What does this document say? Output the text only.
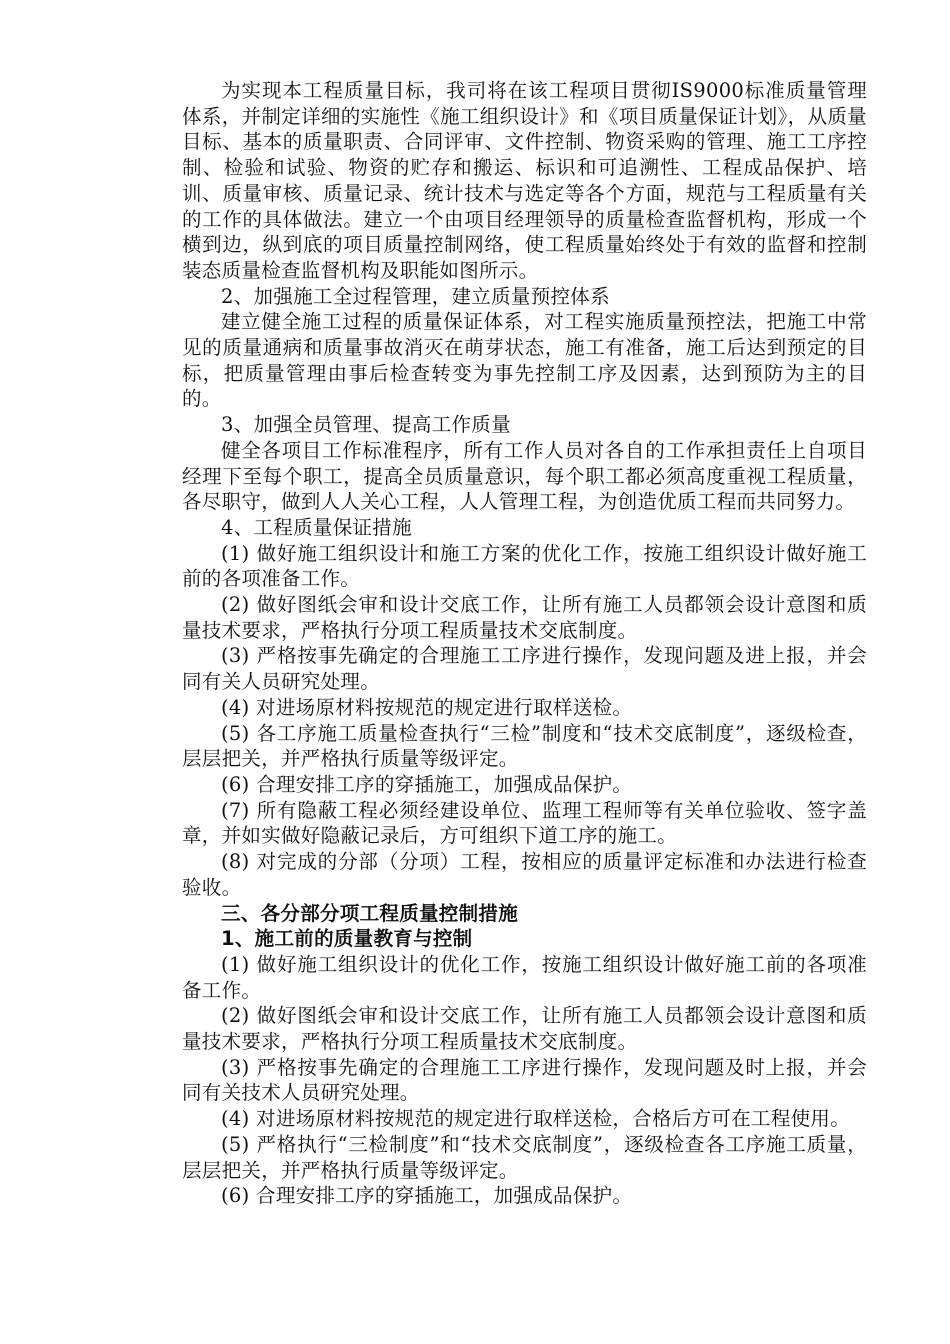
为实现本工程质量目标，我司将在该工程项目贯彻IS9000标准质量管理体系，并制定详细的实施性《施工组织设计》和《项目质量保证计划》，从质量目标、基本的质量职责、合同评审、文件控制、物资采购的管理、施工工序控制、检验和试验、物资的贮存和搬运、标识和可追溯性、工程成品保护、培训、质量审核、质量记录、统计技术与选定等各个方面，规范与工程质量有关的工作的具体做法。建立一个由项目经理领导的质量检查监督机构，形成一个横到边，纵到底的项目质量控制网络，使工程质量始终处于有效的监督和控制装态质量检查监督机构及职能如图所示。

2、加强施工全过程管理，建立质量预控体系

建立健全施工过程的质量保证体系，对工程实施质量预控法，把施工中常见的质量通病和质量事故消灭在萌芽状态，施工有准备，施工后达到预定的目标，把质量管理由事后检查转变为事先控制工序及因素，达到预防为主的目的。

3、加强全员管理、提高工作质量

健全各项目工作标准程序，所有工作人员对各自的工作承担责任上自项目经理下至每个职工，提高全员质量意识，每个职工都必须高度重视工程质量，各尽职守，做到人人关心工程，人人管理工程，为创造优质工程而共同努力。

4、工程质量保证措施

(1) 做好施工组织设计和施工方案的优化工作，按施工组织设计做好施工前的各项准备工作。

(2) 做好图纸会审和设计交底工作，让所有施工人员都领会设计意图和质量技术要求，严格执行分项工程质量技术交底制度。

(3) 严格按事先确定的合理施工工序进行操作，发现问题及进上报，并会同有关人员研究处理。

(4) 对进场原材料按规范的规定进行取样送检。

(5) 各工序施工质量检查执行“三检”制度和“技术交底制度”，逐级检查，层层把关，并严格执行质量等级评定。

(6) 合理安排工序的穿插施工，加强成品保护。

(7) 所有隐蔽工程必须经建设单位、监理工程师等有关单位验收、签字盖章，并如实做好隐蔽记录后，方可组织下道工序的施工。

(8) 对完成的分部（分项）工程，按相应的质量评定标准和办法进行检查验收。

三、各分部分项工程质量控制措施

1、施工前的质量教育与控制

(1) 做好施工组织设计的优化工作，按施工组织设计做好施工前的各项准备工作。

(2) 做好图纸会审和设计交底工作，让所有施工人员都领会设计意图和质量技术要求，严格执行分项工程质量技术交底制度。

(3) 严格按事先确定的合理施工工序进行操作，发现问题及时上报，并会同有关技术人员研究处理。

(4) 对进场原材料按规范的规定进行取样送检，合格后方可在工程使用。

(5) 严格执行“三检制度”和“技术交底制度”，逐级检查各工序施工质量，层层把关，并严格执行质量等级评定。

(6) 合理安排工序的穿插施工，加强成品保护。
